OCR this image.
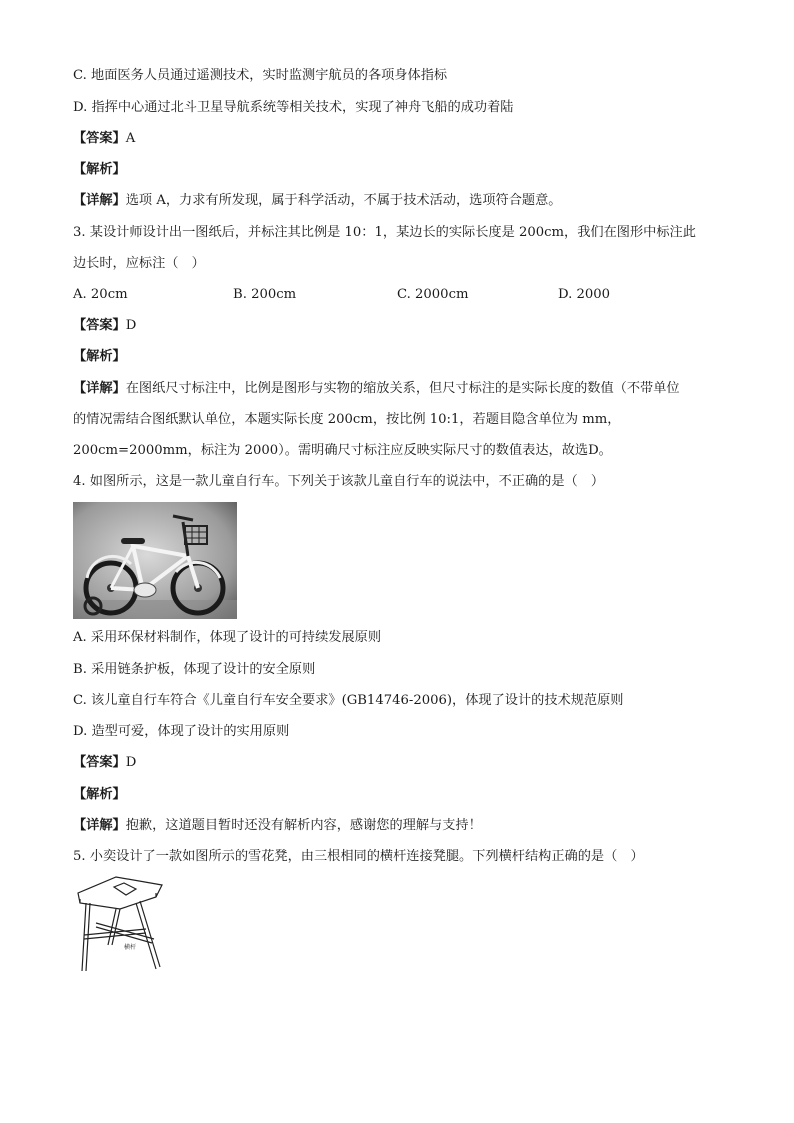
C. 地面医务人员通过遥测技术，实时监测宇航员的各项身体指标
D. 指挥中心通过北斗卫星导航系统等相关技术，实现了神舟飞船的成功着陆
【答案】A
【解析】
【详解】选项 A，力求有所发现，属于科学活动，不属于技术活动，选项符合题意。
3. 某设计师设计出一图纸后，并标注其比例是 10：1，某边长的实际长度是 200cm，我们在图形中标注此
边长时，应标注（　）
A. 20cm	B. 200cm	C. 2000cm	D. 2000
【答案】D
【解析】
【详解】在图纸尺寸标注中，比例是图形与实物的缩放关系，但尺寸标注的是实际长度的数值（不带单位
的情况需结合图纸默认单位，本题实际长度 200cm，按比例 10:1，若题目隐含单位为 mm，
200cm=2000mm，标注为 2000）。需明确尺寸标注应反映实际尺寸的数值表达，故选D。
4. 如图所示，这是一款儿童自行车。下列关于该款儿童自行车的说法中，不正确的是（　）
A. 采用环保材料制作，体现了设计的可持续发展原则
B. 采用链条护板，体现了设计的安全原则
C. 该儿童自行车符合《儿童自行车安全要求》(GB14746-2006)，体现了设计的技术规范原则
D. 造型可爱，体现了设计的实用原则
【答案】D
【解析】
【详解】抱歉，这道题目暂时还没有解析内容，感谢您的理解与支持！
5. 小奕设计了一款如图所示的雪花凳，由三根相同的横杆连接凳腿。下列横杆结构正确的是（　）
横杆
